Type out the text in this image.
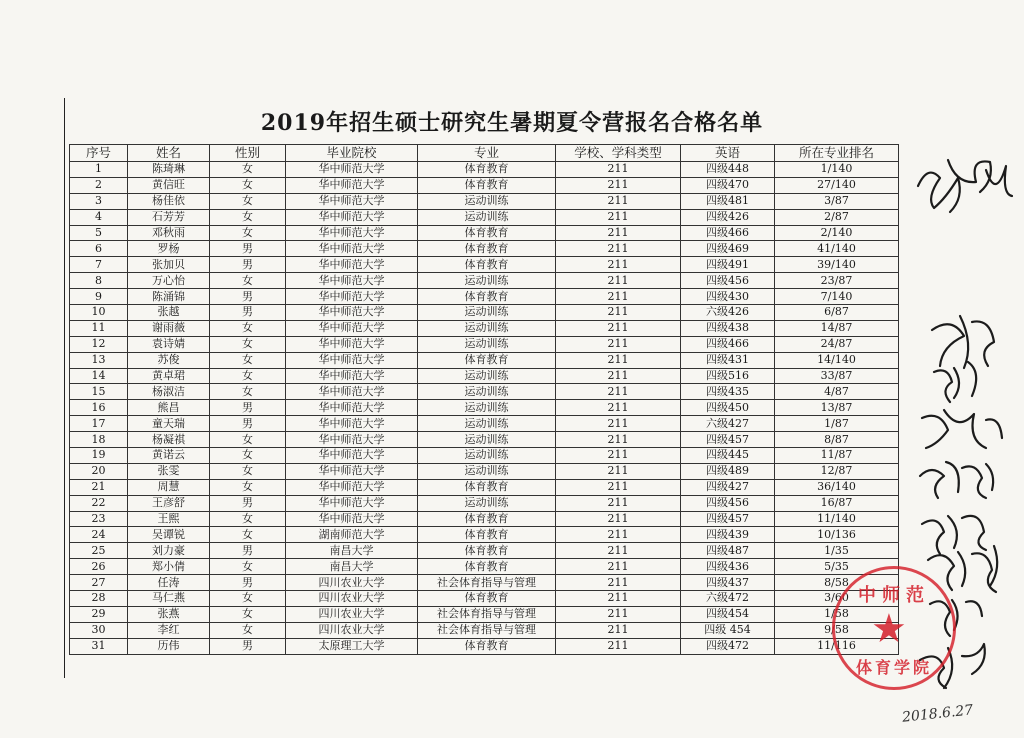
2019年招生硕士研究生暑期夏令营报名合格名单
序号	姓名	性别	毕业院校	专业	学校、学科类型	英语	所在专业排名
1	陈琦琳	女	华中师范大学	体育教育	211	四级448	1/140
2	黄信旺	女	华中师范大学	体育教育	211	四级470	27/140
3	杨佳依	女	华中师范大学	运动训练	211	四级481	3/87
4	石芳芳	女	华中师范大学	运动训练	211	四级426	2/87
5	邓秋雨	女	华中师范大学	体育教育	211	四级466	2/140
6	罗杨	男	华中师范大学	体育教育	211	四级469	41/140
7	张加贝	男	华中师范大学	体育教育	211	四级491	39/140
8	万心怡	女	华中师范大学	运动训练	211	四级456	23/87
9	陈涌锦	男	华中师范大学	体育教育	211	四级430	7/140
10	张越	男	华中师范大学	运动训练	211	六级426	6/87
11	谢雨薇	女	华中师范大学	运动训练	211	四级438	14/87
12	袁诗婧	女	华中师范大学	运动训练	211	四级466	24/87
13	苏俊	女	华中师范大学	体育教育	211	四级431	14/140
14	黄卓珺	女	华中师范大学	运动训练	211	四级516	33/87
15	杨淑洁	女	华中师范大学	运动训练	211	四级435	4/87
16	熊昌	男	华中师范大学	运动训练	211	四级450	13/87
17	童天瑞	男	华中师范大学	运动训练	211	六级427	1/87
18	杨凝祺	女	华中师范大学	运动训练	211	四级457	8/87
19	黄诺云	女	华中师范大学	运动训练	211	四级445	11/87
20	张雯	女	华中师范大学	运动训练	211	四级489	12/87
21	周慧	女	华中师范大学	体育教育	211	四级427	36/140
22	王彦舒	男	华中师范大学	运动训练	211	四级456	16/87
23	王熙	女	华中师范大学	体育教育	211	四级457	11/140
24	吴谭锐	女	湖南师范大学	体育教育	211	四级439	10/136
25	刘力豪	男	南昌大学	体育教育	211	四级487	1/35
26	郑小倩	女	南昌大学	体育教育	211	四级436	5/35
27	任涛	男	四川农业大学	社会体育指导与管理	211	四级437	8/58
28	马仁燕	女	四川农业大学	体育教育	211	六级472	3/60
29	张燕	女	四川农业大学	社会体育指导与管理	211	四级454	1/58
30	李红	女	四川农业大学	社会体育指导与管理	211	四级 454	9/58
31	历伟	男	太原理工大学	体育教育	211	四级472	11/116
中师范
★
体育学院
2018.6.27
